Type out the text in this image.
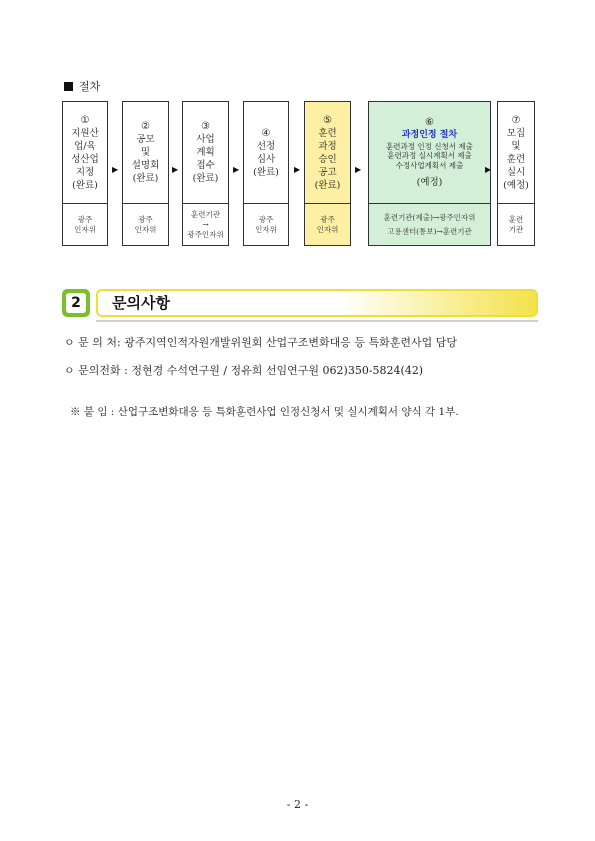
절차
①
지원산
업/육
성산업
지정
(완료)
광주
인자위
▶
②
공모
및
설명회
(완료)
광주
인자위
▶
③
사업
계획
접수
(완료)
훈련기관
→
광주인자위
▶
④
선정
심사
(완료)
광주
인자위
▶
⑤
훈련
과정
승인
공고
(완료)
광주
인자위
▶
⑥
과정인정 절차
훈련과정 인정 신청서 제출
훈련과정 실시계획서 제출
수정사업계획서 제출
(예정)
훈련기관(제출)→광주인자위
고용센터(통보)→훈련기관
▶
⑦
모집
및
훈련
실시
(예정)
훈련
기관
2	문의사항
ㅇ 문 의 처: 광주지역인적자원개발위원회 산업구조변화대응 등 특화훈련사업 담당
ㅇ 문의전화 : 정현경 수석연구원 / 정유희 선임연구원 062)350-5824(42)
※ 붙 임 : 산업구조변화대응 등 특화훈련사업 인정신청서 및 실시계획서 양식 각 1부.
- 2 -
